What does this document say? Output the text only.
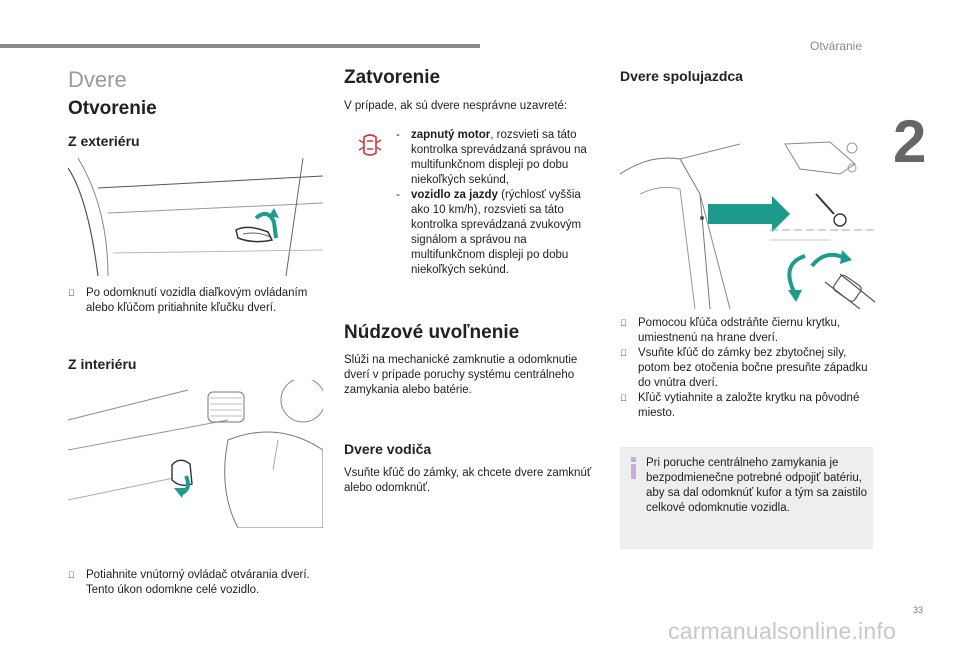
Otváranie
2
33
carmanualsonline.info
Dvere
Otvorenie
Z exteriéru
Po odomknutí vozidla diaľkovým ovládaním alebo kľúčom pritiahnite kľučku dverí.
Z interiéru
Potiahnite vnútorný ovládač otvárania dverí. Tento úkon odomkne celé vozidlo.
Zatvorenie
V prípade, ak sú dvere nesprávne uzavreté:
- zapnutý motor, rozsvieti sa táto kontrolka sprevádzaná správou na multifunkčnom displeji po dobu niekoľkých sekúnd,
- vozidlo za jazdy (rýchlosť vyššia ako 10 km/h), rozsvieti sa táto kontrolka sprevádzaná zvukovým signálom a správou na multifunkčnom displeji po dobu niekoľkých sekúnd.
Núdzové uvoľnenie
Slúži na mechanické zamknutie a odomknutie dverí v prípade poruchy systému centrálneho zamykania alebo batérie.
Dvere vodiča
Vsuňte kľúč do zámky, ak chcete dvere zamknúť alebo odomknúť.
Dvere spolujazdca
Pomocou kľúča odstráňte čiernu krytku, umiestnenú na hrane dverí.
Vsuňte kľúč do zámky bez zbytočnej sily, potom bez otočenia bočne presuňte západku do vnútra dverí.
Kľúč vytiahnite a založte krytku na pôvodné miesto.
Pri poruche centrálneho zamykania je bezpodmienečne potrebné odpojiť batériu, aby sa dal odomknúť kufor a tým sa zaistilo celkové odomknutie vozidla.
